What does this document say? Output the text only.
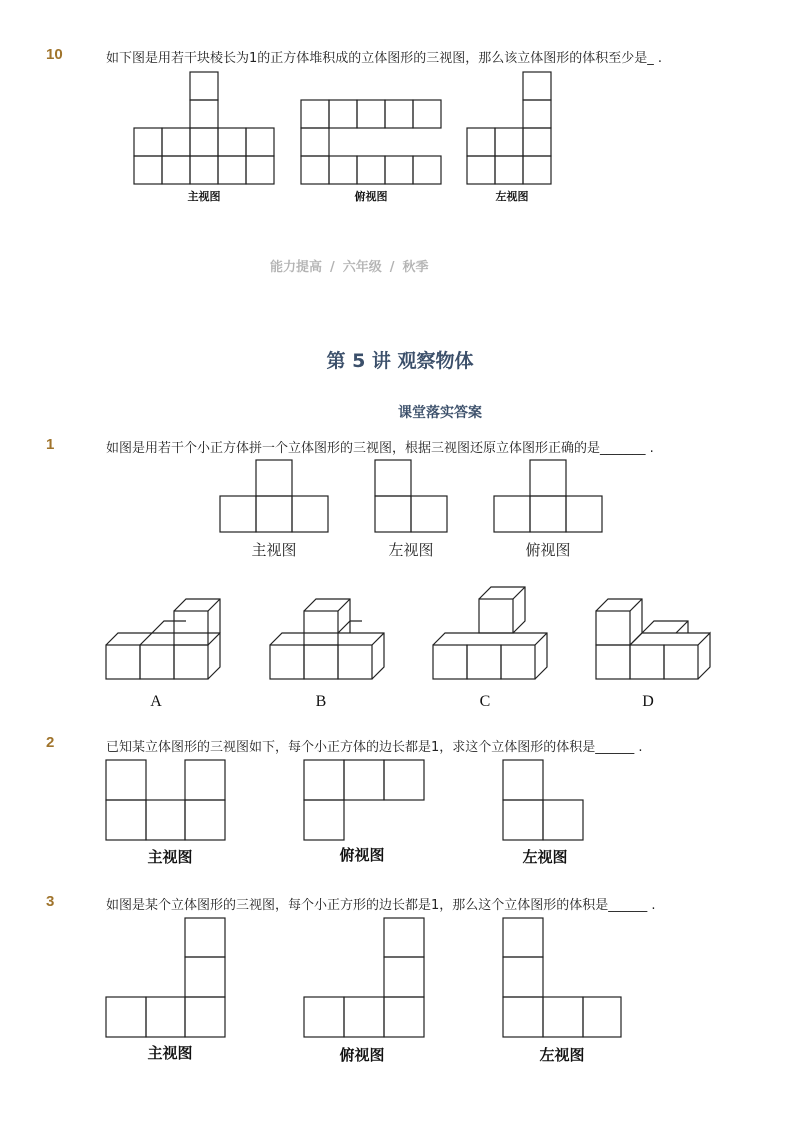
10	如下图是用若干块棱长为1的正方体堆积成的立体图形的三视图，那么该立体图形的体积至少是_ .
能力提高 / 六年级 / 秋季
第 5 讲 观察物体
课堂落实答案
1	如图是用若干个小正方体拼一个立体图形的三视图，根据三视图还原立体图形正确的是_______ .
2	已知某立体图形的三视图如下，每个小正方体的边长都是1，求这个立体图形的体积是______ .
3	如图是某个立体图形的三视图，每个小正方形的边长都是1，那么这个立体图形的体积是______ .
主视图	俯视图	左视图
主视图	左视图	俯视图
A	B	C	D
主视图	俯视图	左视图
主视图	俯视图	左视图
